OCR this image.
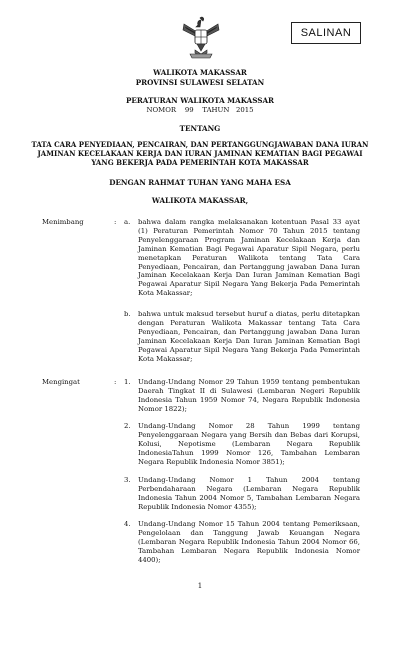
SALINAN
WALIKOTA MAKASSAR
PROVINSI SULAWESI SELATAN
PERATURAN WALIKOTA MAKASSAR
NOMOR    99    TAHUN   2015
TENTANG
TATA CARA PENYEDIAAN, PENCAIRAN, DAN PERTANGGUNGJAWABAN DANA IURAN JAMINAN KECELAKAAN KERJA DAN IURAN JAMINAN KEMATIAN BAGI PEGAWAI YANG BEKERJA PADA PEMERINTAH KOTA MAKASSAR
DENGAN RAHMAT TUHAN YANG MAHA ESA
WALIKOTA MAKASSAR,
Menimbang	: a. bahwa dalam rangka melaksanakan ketentuan Pasal 33 ayat (1) Peraturan Pemerintah Nomor 70 Tahun 2015 tentang Penyelenggaraan Program Jaminan Kecelakaan Kerja dan Jaminan Kematian Bagi Pegawai Aparatur Sipil Negara, perlu menetapkan Peraturan Walikota tentang Tata Cara Penyediaan, Pencairan, dan Pertanggung jawaban Dana Iuran Jaminan Kecelakaan Kerja Dan Iuran Jaminan Kematian Bagi Pegawai Aparatur Sipil Negara Yang Bekerja Pada Pemerintah Kota Makassar;
b. bahwa untuk maksud tersebut huruf a diatas, perlu ditetapkan dengan Peraturan Walikota Makassar tentang Tata Cara Penyediaan, Pencairan, dan Pertanggung jawaban Dana Iuran Jaminan Kecelakaan Kerja Dan Iuran Jaminan Kematian Bagi Pegawai Aparatur Sipil Negara Yang Bekerja Pada Pemerintah Kota Makassar;
Mengingat	: 1. Undang-Undang Nomor 29 Tahun 1959 tentang pembentukan Daerah Tingkat II di Sulawesi (Lembaran Negeri Republik Indonesia Tahun 1959 Nomor 74, Negara Republik Indonesia Nomor 1822);
2. Undang-Undang Nomor 28 Tahun 1999 tentang Penyelenggaraan Negara yang Bersih dan Bebas dari Korupsi, Kolusi, Nepotisme (Lembaran Negara Republik IndonesiaTahun 1999 Nomor 126, Tambahan Lembaran Negara Republik Indonesia Nomor 3851);
3. Undang-Undang Nomor 1 Tahun 2004 tentang Perbendaharaan Negara (Lembaran Negara Republik Indonesia Tahun 2004 Nomor 5, Tambahan Lembaran Negara Republik Indonesia Nomor 4355);
4. Undang-Undang Nomor 15 Tahun 2004 tentang Pemeriksaan, Pengelolaan dan Tanggung Jawab Keuangan Negara (Lembaran Negara Republik Indonesia Tahun 2004 Nomor 66, Tambahan Lembaran Negara Republik Indonesia Nomor 4400);
1
